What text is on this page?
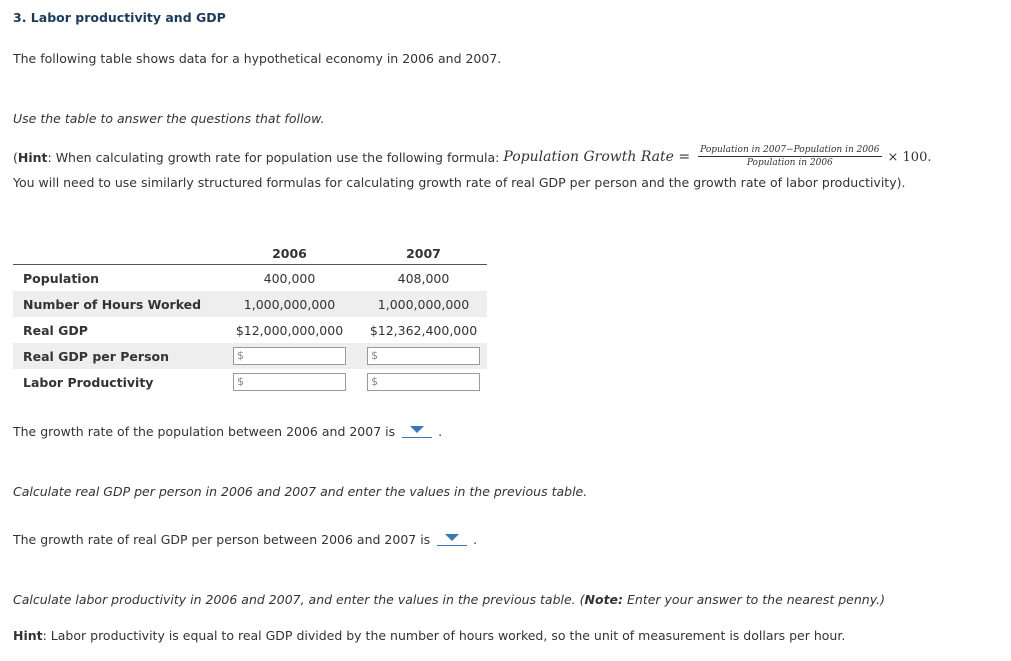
3. Labor productivity and GDP
The following table shows data for a hypothetical economy in 2006 and 2007.
Use the table to answer the questions that follow.
( Hint : When calculating growth rate for population use the following formula: Population Growth Rate = $\frac{\text{Population in 2007−Population in 2006}}{\text{Population in 2006}} \times 100$.
You will need to use similarly structured formulas for calculating growth rate of real GDP per person and the growth rate of labor productivity).
	2006	2007
Population	400,000	408,000
Number of Hours Worked	1,000,000,000	1,000,000,000
Real GDP	$12,000,000,000	$12,362,400,000
Real GDP per Person	$	$

Labor Productivity	$	$
The growth rate of the population between 2006 and 2007 is	.
Calculate real GDP per person in 2006 and 2007 and enter the values in the previous table.
The growth rate of real GDP per person between 2006 and 2007 is	.
Calculate labor productivity in 2006 and 2007, and enter the values in the previous table. (Note: Enter your answer to the nearest penny.)
Hint: Labor productivity is equal to real GDP divided by the number of hours worked, so the unit of measurement is dollars per hour.
